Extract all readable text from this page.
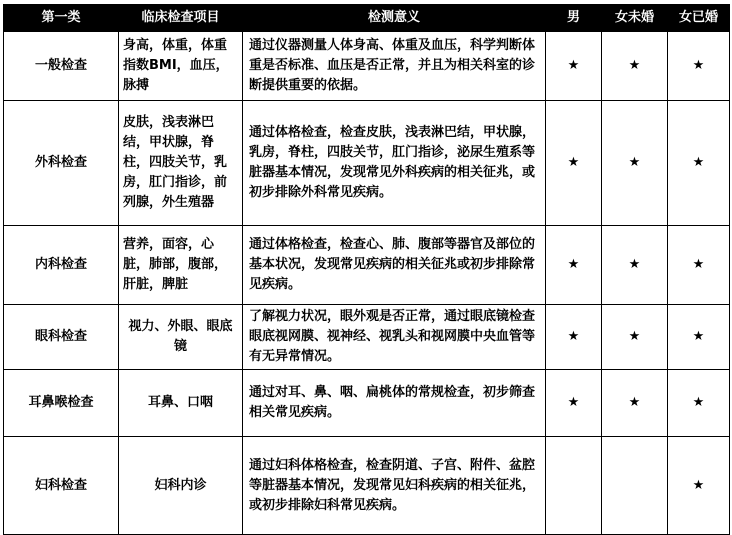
第一类	临床检查项目	检测意义	男	女未婚	女已婚
一般检查	身高，体重，体重指数BMI，血压，脉搏	通过仪器测量人体身高、体重及血压，科学判断体重是否标准、血压是否正常，并且为相关科室的诊断提供重要的依据。	★	★	★
外科检查	皮肤，浅表淋巴结，甲状腺，脊柱，四肢关节，乳房，肛门指诊，前列腺，外生殖器	通过体格检查，检查皮肤，浅表淋巴结，甲状腺，乳房，脊柱，四肢关节，肛门指诊，泌尿生殖系等脏器基本情况，发现常见外科疾病的相关征兆，或初步排除外科常见疾病。	★	★	★
内科检查	营养，面容，心脏，肺部，腹部，肝脏，脾脏	通过体格检查，检查心、肺、腹部等器官及部位的基本状况，发现常见疾病的相关征兆或初步排除常见疾病。	★	★	★
眼科检查	视力、外眼、眼底镜	了解视力状况，眼外观是否正常，通过眼底镜检查眼底视网膜、视神经、视乳头和视网膜中央血管等有无异常情况。	★	★	★
耳鼻喉检查	耳鼻、口咽	通过对耳、鼻、咽、扁桃体的常规检查，初步筛查相关常见疾病。	★	★	★
妇科检查	妇科内诊	通过妇科体格检查，检查阴道、子宫、附件、盆腔等脏器基本情况，发现常见妇科疾病的相关征兆，或初步排除妇科常见疾病。			★
